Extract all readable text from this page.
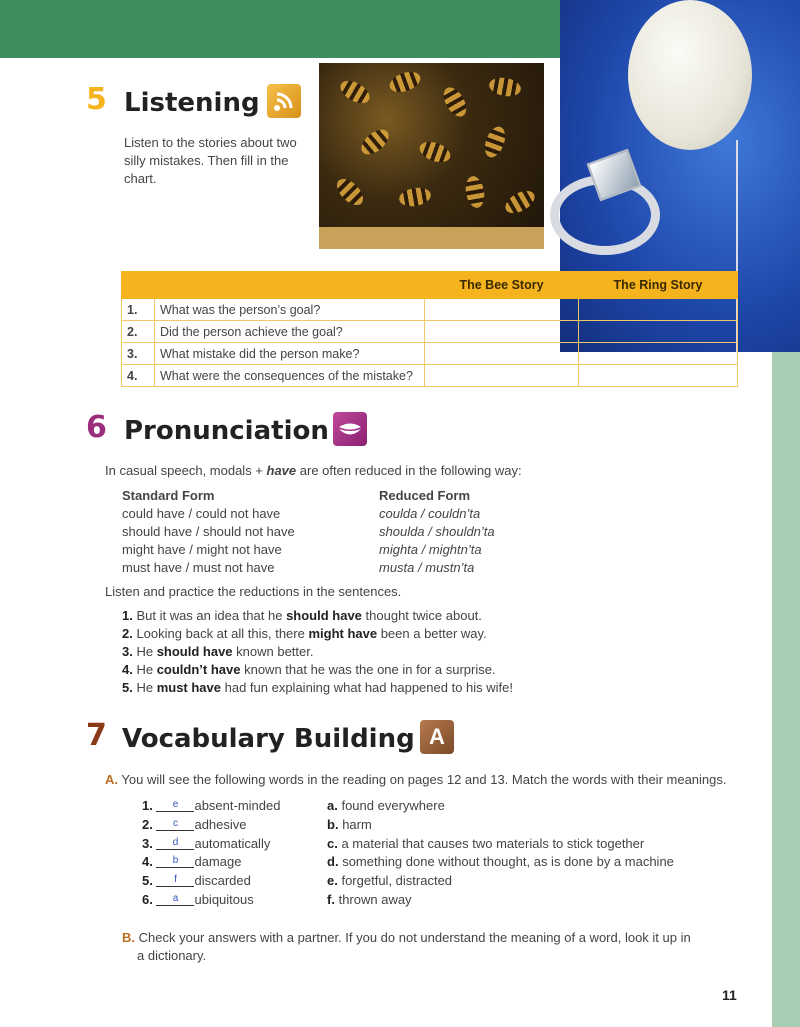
5 Listening
Listen to the stories about two silly mistakes. Then fill in the chart.
		The Bee Story	The Ring Story
1.	What was the person’s goal?		
2.	Did the person achieve the goal?		
3.	What mistake did the person make?		
4.	What were the consequences of the mistake?		
6 Pronunciation
In casual speech, modals + have are often reduced in the following way:
Standard Form	Reduced Form
could have / could not have	coulda / couldn’ta
should have / should not have	shoulda / shouldn’ta
might have / might not have	mighta / mightn’ta
must have / must not have	musta / mustn’ta
Listen and practice the reductions in the sentences.
1. But it was an idea that he should have thought twice about.
2. Looking back at all this, there might have been a better way.
3. He should have known better.
4. He couldn’t have known that he was the one in for a surprise.
5. He must have had fun explaining what had happened to his wife!
7 Vocabulary Building A
A. You will see the following words in the reading on pages 12 and 13. Match the words with their meanings.
1. e absent-minded
2. c adhesive
3. d automatically
4. b damage
5. f discarded
6. a ubiquitous
a. found everywhere
b. harm
c. a material that causes two materials to stick together
d. something done without thought, as is done by a machine
e. forgetful, distracted
f. thrown away
B. Check your answers with a partner. If you do not understand the meaning of a word, look it up in
a dictionary.
11
